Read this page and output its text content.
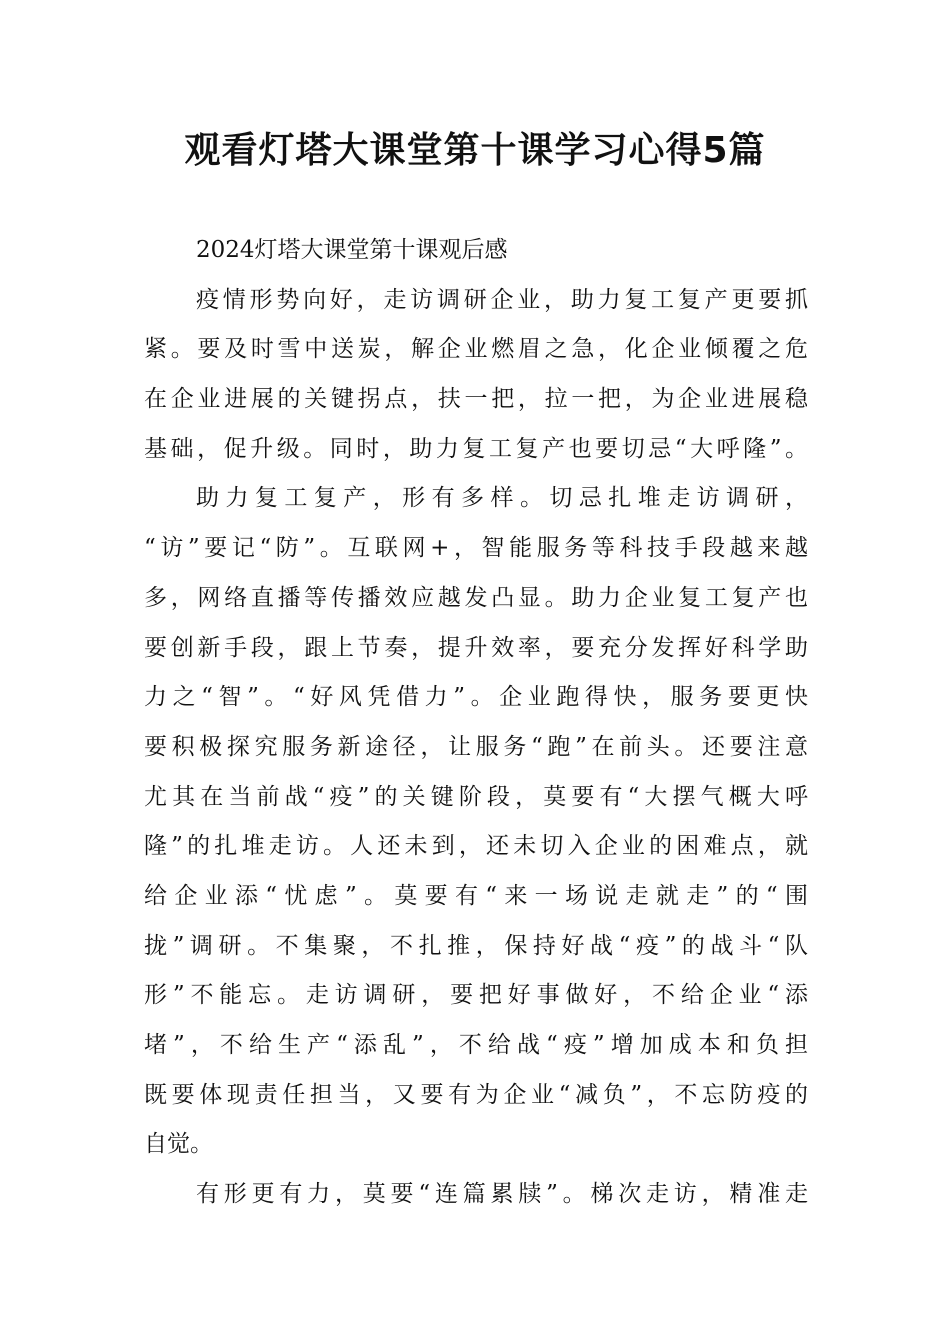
观看灯塔大课堂第十课学习心得5篇
2024灯塔大课堂第十课观后感
疫情形势向好，走访调研企业，助力复工复产更要抓
紧。要及时雪中送炭，解企业燃眉之急，化企业倾覆之危
在企业进展的关键拐点，扶一把，拉一把，为企业进展稳
基础，促升级。同时，助力复工复产也要切忌“大呼隆”。
助力复工复产，形有多样。切忌扎堆走访调研，
“访”要记“防”。互联网+，智能服务等科技手段越来越
多，网络直播等传播效应越发凸显。助力企业复工复产也
要创新手段，跟上节奏，提升效率，要充分发挥好科学助
力之“智”。“好风凭借力”。企业跑得快，服务要更快
要积极探究服务新途径，让服务“跑”在前头。还要注意
尤其在当前战“疫”的关键阶段，莫要有“大摆气概大呼
隆”的扎堆走访。人还未到，还未切入企业的困难点，就
给企业添“忧虑”。莫要有“来一场说走就走”的“围
拢”调研。不集聚，不扎推，保持好战“疫”的战斗“队
形”不能忘。走访调研，要把好事做好，不给企业“添
堵”，不给生产“添乱”，不给战“疫”增加成本和负担
既要体现责任担当，又要有为企业“减负”，不忘防疫的
自觉。
有形更有力，莫要“连篇累牍”。梯次走访，精准走
